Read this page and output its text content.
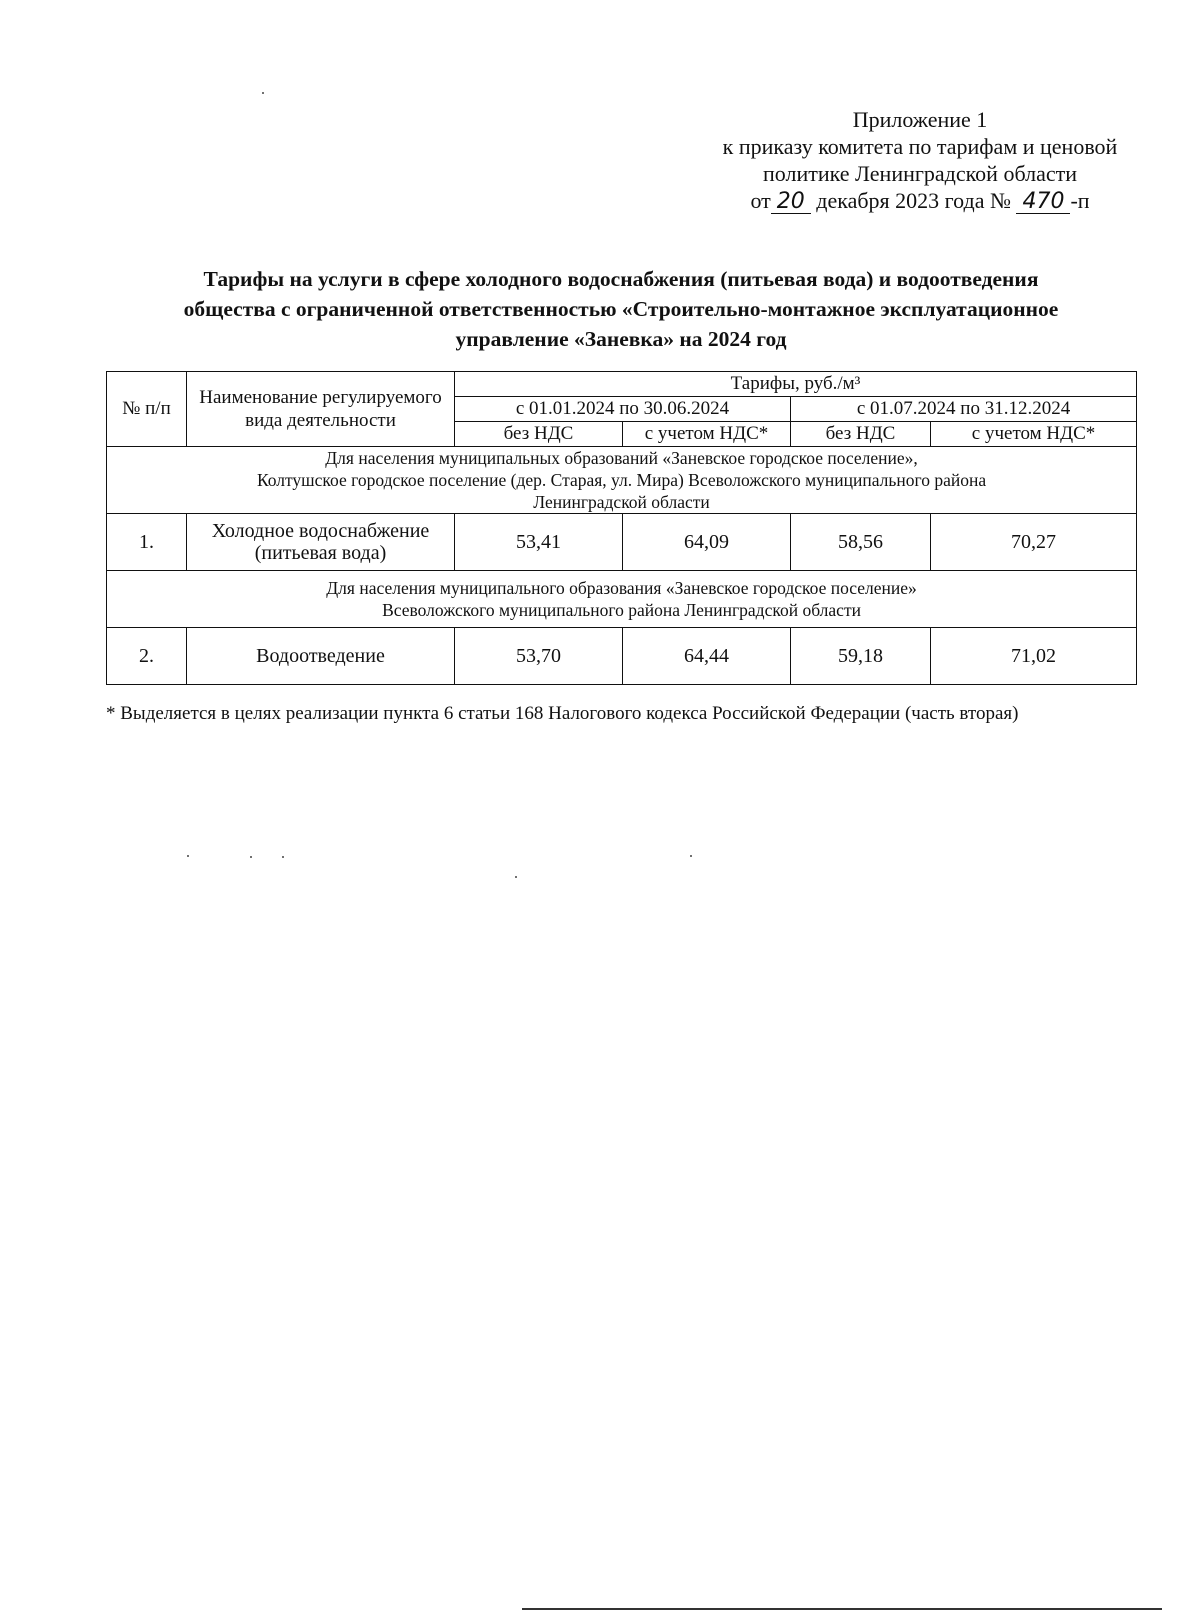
Приложение 1
к приказу комитета по тарифам и ценовой
политике Ленинградской области
от 20 декабря 2023 года № 470 -п
Тарифы на услуги в сфере холодного водоснабжения (питьевая вода) и водоотведения
общества с ограниченной ответственностью «Строительно-монтажное эксплуатационное
управление «Заневка» на 2024 год
№ п/п	Наименование регулируемого вида деятельности	Тарифы, руб./м³			
		с 01.01.2024 по 30.06.2024		с 01.07.2024 по 31.12.2024	
		без НДС	с учетом НДС*	без НДС	с учетом НДС*

Для населения муниципальных образований «Заневское городское поселение»,
Колтушское городское поселение (дер. Старая, ул. Мира) Всеволожского муниципального района
Ленинградской области					

1.	Холодное водоснабжение (питьевая вода)	53,41	64,09	58,56	70,27

Для населения муниципального образования «Заневское городское поселение»
Всеволожского муниципального района Ленинградской области					

2.	Водоотведение	53,70	64,44	59,18	71,02
* Выделяется в целях реализации пункта 6 статьи 168 Налогового кодекса Российской Федерации (часть вторая)
